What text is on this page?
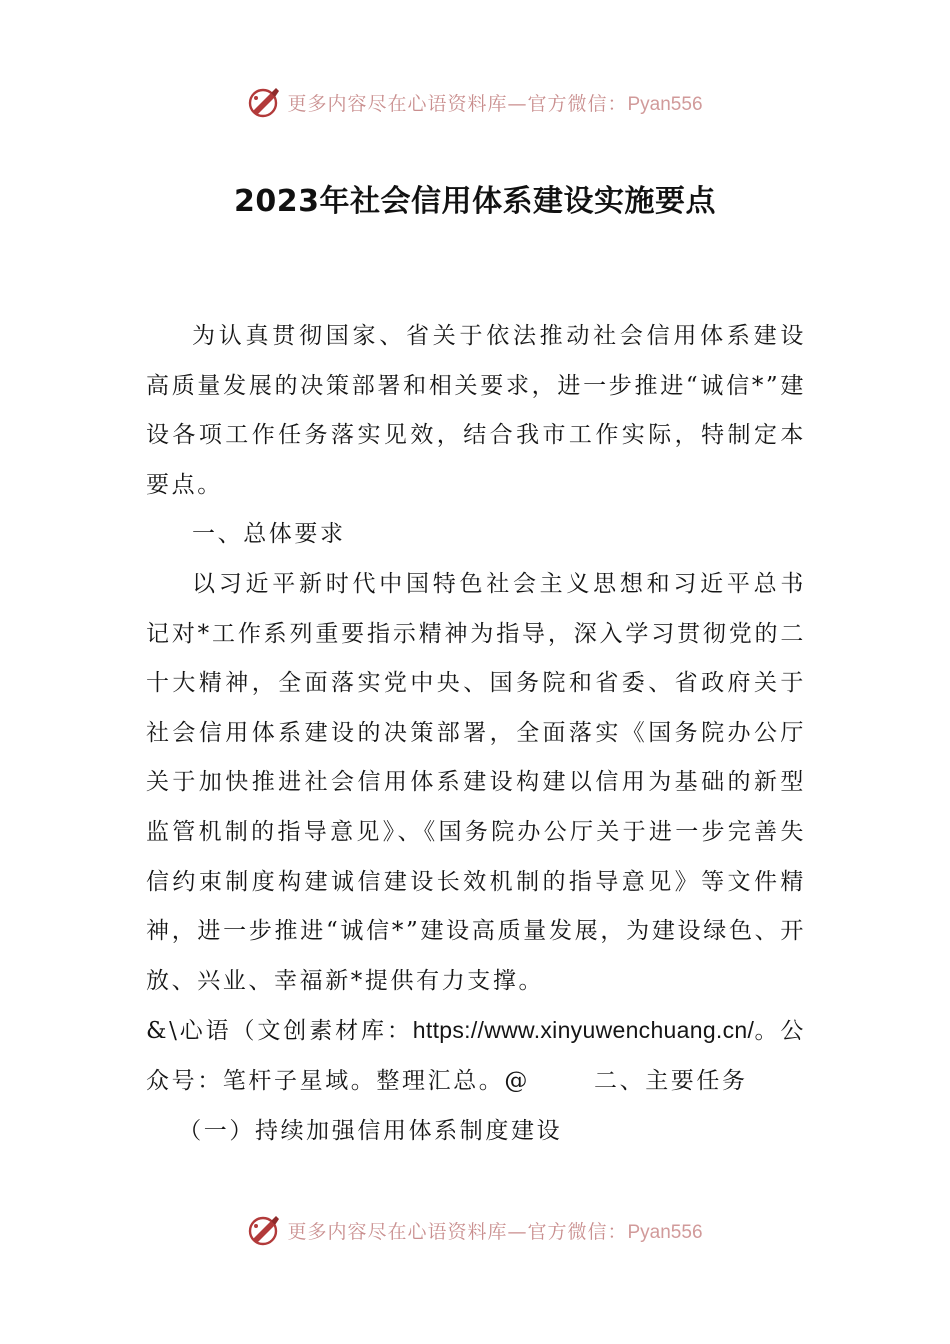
更多内容尽在心语资料库—官方微信：Pyan556
2023年社会信用体系建设实施要点

为认真贯彻国家、省关于依法推动社会信用体系建设高质量发展的决策部署和相关要求，进一步推进“诚信*”建设各项工作任务落实见效，结合我市工作实际，特制定本要点。

一、总体要求

以习近平新时代中国特色社会主义思想和习近平总书记对*工作系列重要指示精神为指导，深入学习贯彻党的二十大精神，全面落实党中央、国务院和省委、省政府关于社会信用体系建设的决策部署，全面落实《国务院办公厅关于加快推进社会信用体系建设构建以信用为基础的新型监管机制的指导意见》、《国务院办公厅关于进一步完善失信约束制度构建诚信建设长效机制的指导意见》等文件精神，进一步推进“诚信*”建设高质量发展，为建设绿色、开放、兴业、幸福新*提供有力支撑。

&\心语（文创素材库：https://www.xinyuwenchuang.cn/。公众号：笔杆子星域。整理汇总。@	二、主要任务

（一）持续加强信用体系制度建设

更多内容尽在心语资料库—官方微信：Pyan556
